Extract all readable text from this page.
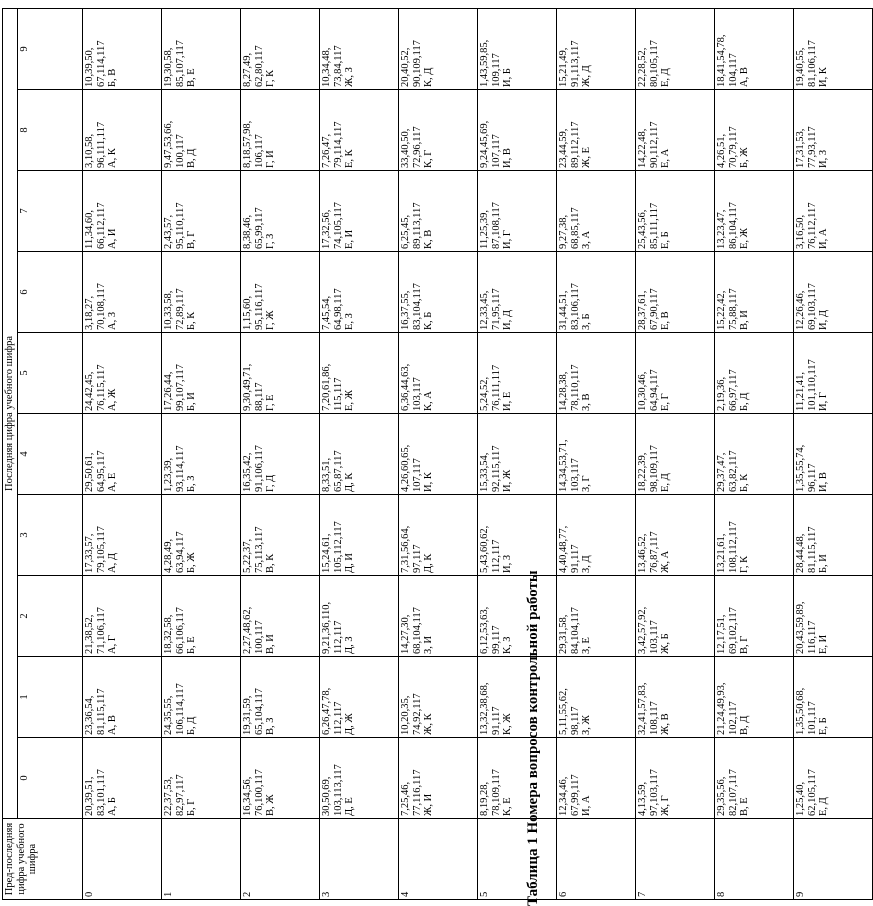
Пред-последняя цифра учебного шифра	Последняя цифра учебного шифра									
	0	1	2	3	4	5	6	7	8	9
0	20,39,51, 83,101,117 А, Б	23,36,54, 81,115,117 А, В	21,38,52, 71,106,117 А, Г	17,33,57, 79,105,117 А, Д	29,50,61, 64,95,117 А, Е	24,42,45, 76,115,117 А, Ж	3,18,27, 70,108,117 А, З	11,34,60, 66,112,117 А, И	3,10,58, 96,111,117 А, К	10,39,50, 67,114,117 Б, В

1	22,37,53, 82,97,117 Б, Г	24,35,55, 106,114,117 Б, Д	18,32,58, 66,106,117 Б, Е	4,28,49, 63,94,117 Б, Ж	1,23,39, 93,114,117 Б, З	17,26,44, 99,107,117 Б, И	10,33,58, 72,89,117 Б, К	2,43,57, 95,110,117 В, Г	9,47,53,66, 100,117 В, Д	19,30,58, 85,107,117 В, Е

2	16,34,56, 76,100,117 В, Ж	19,31,59, 65,104,117 В, З	2,27,48,62, 100,117 В, И	5,22,37, 75,113,117 В, К	16,35,42, 91,106,117 Г, Д	9,30,49,71, 88,117 Г, Е	1,15,60, 95,116,117 Г, Ж	8,38,46, 65,99,117 Г, З	8,18,57,98, 106,117 Г, И	8,27,49, 62,80,117 Г, К

3	30,50,69, 103,113,117 Д, Е	6,26,47,78, 112,117 Д, Ж	9,21,36,110, 112,117 Д, З	15,24,61, 105,112,117 Д, И	8,33,51, 65,87,117 Д, К	7,20,61,86, 115,117 Е, Ж	7,45,54, 64,98,117 Е, З	17,32,56, 74,105,117 Е, И	7,26,47, 79,114,117 Е, К	10,34,48, 73,84,117 Ж, З

4	7,25,46, 77,116,117 Ж, И	10,20,35, 74,92,117 Ж, К	14,27,30, 68,104,117 З, И	7,31,56,64, 97,117 Д, К	4,26,60,65, 107,117 И, К	6,36,44,63, 103,117 К, А	16,37,55, 83,104,117 К, Б	6,25,45, 89,113,117 К, В	33,40,50, 72,96,117 К, Г	20,40,52, 90,109,117 К, Д

5	8,19,28, 78,109,117 К, Е	13,32,38,68, 91,117 К, Ж	6,12,53,63, 99,117 К, З	5,43,60,62, 112,117 И, З	15,33,54, 92,115,117 И, Ж	5,24,52, 76,111,117 И, Е	12,33,45, 71,95,117 И, Д	11,25,39, 87,108,117 И, Г	9,24,45,69, 107,117 И, В	1,43,59,85, 109,117 И, Б

6	12,34,46, 67,99,117 И, А	5,11,55,62, 98,117 З, Ж	29,31,58, 84,104,117 З, Е	4,40,48,77, 91,117 З, Д	14,34,53,71, 103,117 З, Г	14,28,38, 78,110,117 З, В	31,44,51, 83,106,117 З, Б	9,27,38, 68,85,117 З, А	23,44,59, 89,112,117 Ж, Е	15,21,49, 91,113,117 Ж, Д

7	4,13,59, 97,103,117 Ж, Г	32,41,57,83, 108,117 Ж, В	3,42,57,92, 103,117 Ж, Б	13,46,52, 76,87,117 Ж, А	18,22,39, 98,109,117 Е, Д	10,30,46, 64,94,117 Е, Г	28,37,61, 67,90,117 Е, В	25,43,56, 85,111,117 Е, Б	14,22,48, 90,112,117 Е, А	22,28,52, 80,105,117 Е, Д

8	29,35,56, 82,107,117 В, Е	21,24,49,93, 102,117 В, Д	12,17,51, 69,102,117 В, Г	13,21,61, 108,112,117 Г, К	29,37,47, 63,82,117 Б, К	2,19,36, 66,97,117 Б, Д	15,22,42, 75,88,117 В, И	13,23,47, 86,104,117 Е, Ж	4,26,51, 70,79,117 Б, Ж	18,41,54,78, 104,117 А, В

9	1,25,40, 62,105,117 Е, Д	1,35,50,68, 101,117 Е, Б	20,43,59,89, 116,117 Е, И	28,44,48, 81,115,117 Б, И	1,35,55,74, 96,117 И, В	11,21,41, 101,110,117 И, Г	12,26,46, 69,103,117 И, Д	3,16,50, 76,112,117 И, А	17,31,53, 77,93,117 И, З	19,40,55, 81,106,117 И, К
Таблица 1 Номера вопросов контрольной работы
